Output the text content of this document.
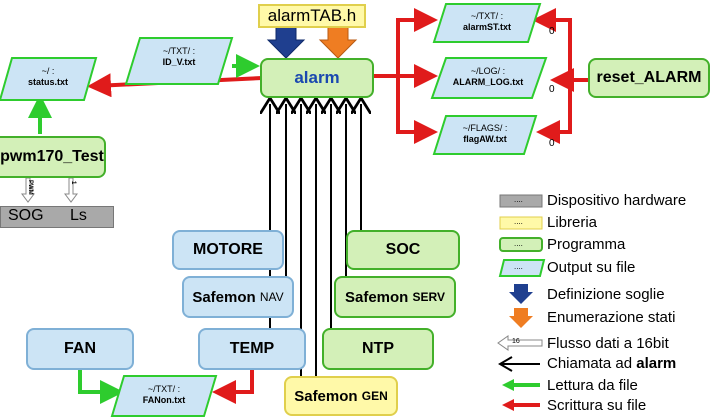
alarmTAB.h
alarm	reset_ALARM
pwm170_Test
SOG Ls
PWM	1
~/TXT/ :
ID_V.txt
~/ :
status.txt
~/TXT/ :
alarmST.txt
~/LOG/ :
ALARM_LOG.txt
~/FLAGS/ :
flagAW.txt
~/TXT/ :
FANon.txt
0
0
0
MOTORE
Safemon
NAV
FAN	TEMP
SOC
Safemon
SERV
NTP
Safemon
GEN
....
....
....
....
16
Dispositivo hardware
Libreria
Programma
Output su file
Definizione soglie
Enumerazione stati
Flusso dati a 16bit
Chiamata ad alarm
Lettura da file
Scrittura su file
